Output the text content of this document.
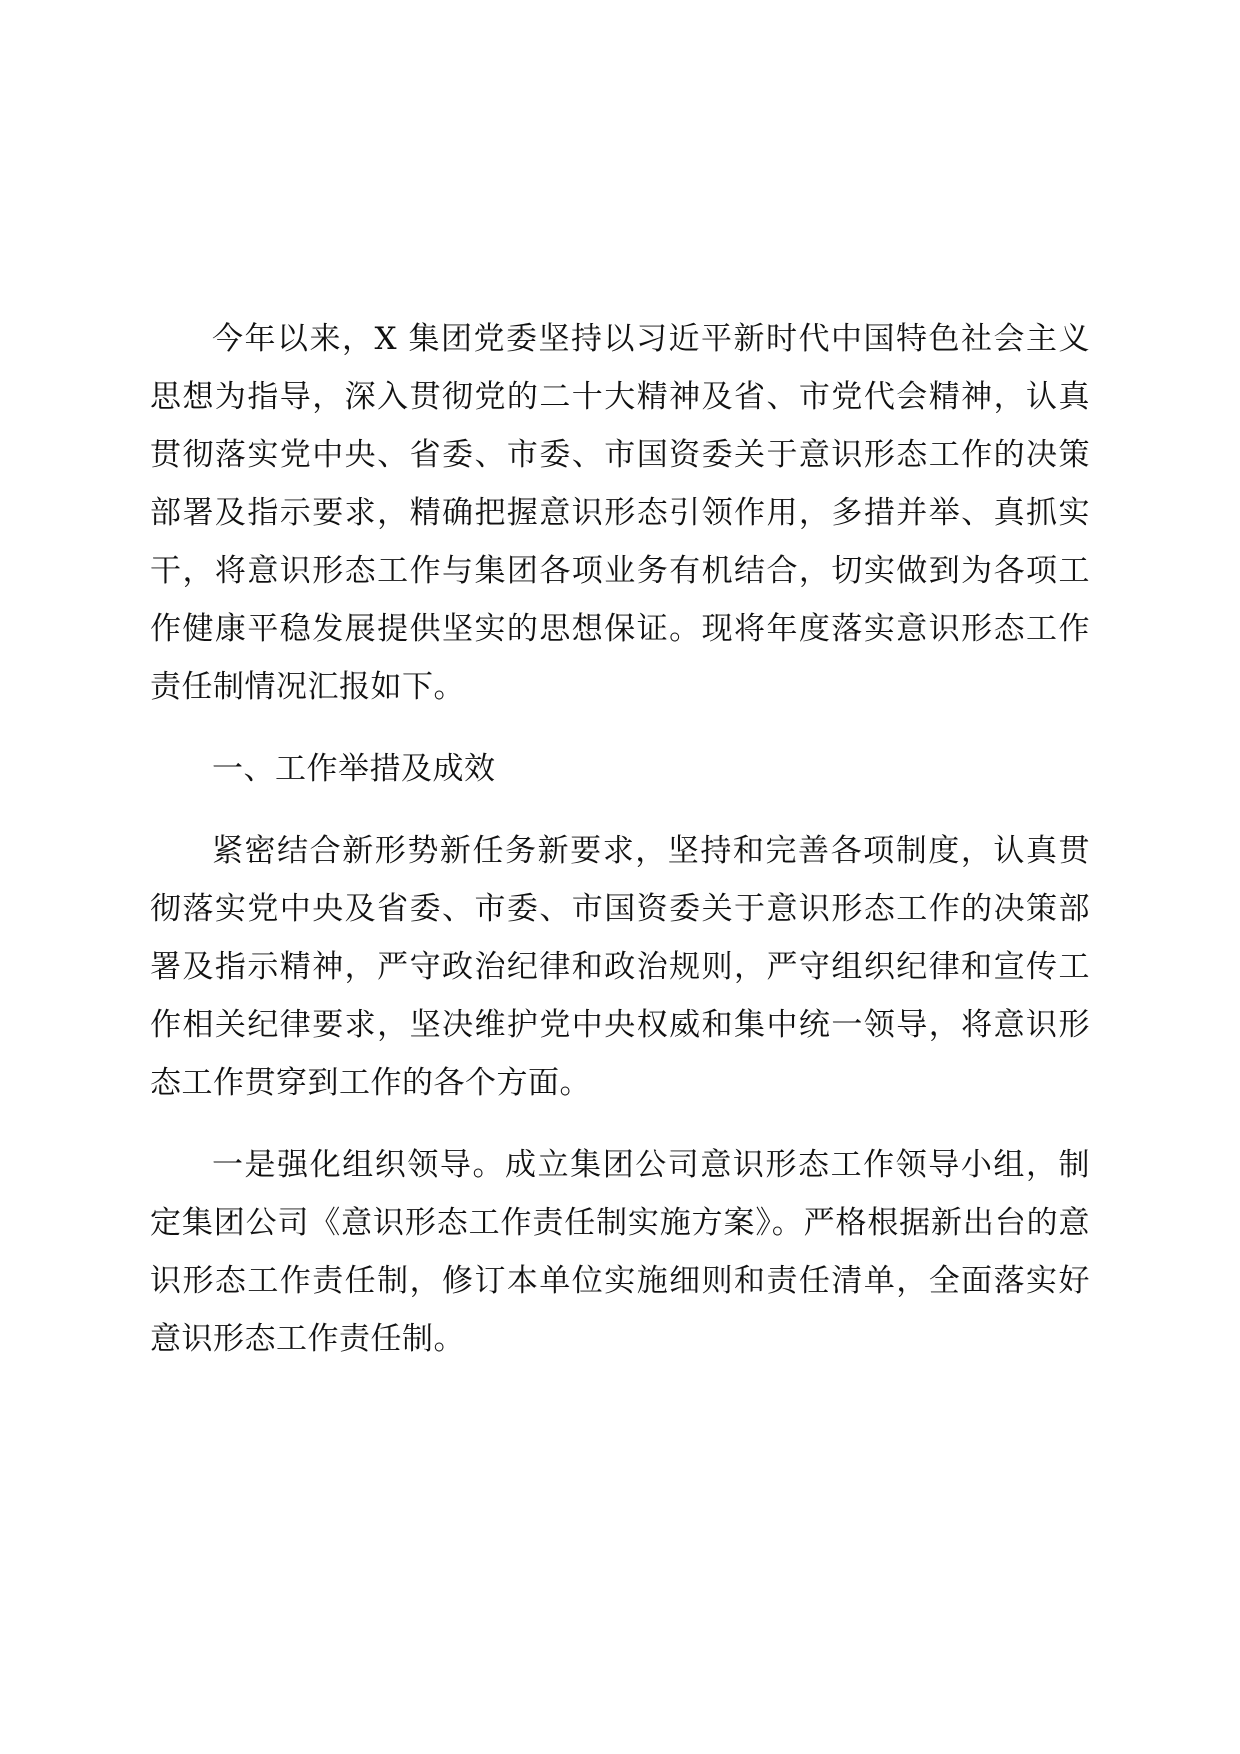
今年以来，X 集团党委坚持以习近平新时代中国特色社会主义思想为指导，深入贯彻党的二十大精神及省、市党代会精神，认真贯彻落实党中央、省委、市委、市国资委关于意识形态工作的决策部署及指示要求，精确把握意识形态引领作用，多措并举、真抓实干，将意识形态工作与集团各项业务有机结合，切实做到为各项工作健康平稳发展提供坚实的思想保证。现将年度落实意识形态工作责任制情况汇报如下。

一、工作举措及成效

紧密结合新形势新任务新要求，坚持和完善各项制度，认真贯彻落实党中央及省委、市委、市国资委关于意识形态工作的决策部署及指示精神，严守政治纪律和政治规则，严守组织纪律和宣传工作相关纪律要求，坚决维护党中央权威和集中统一领导，将意识形态工作贯穿到工作的各个方面。

一是强化组织领导。成立集团公司意识形态工作领导小组，制定集团公司《意识形态工作责任制实施方案》。严格根据新出台的意识形态工作责任制，修订本单位实施细则和责任清单，全面落实好意识形态工作责任制。
